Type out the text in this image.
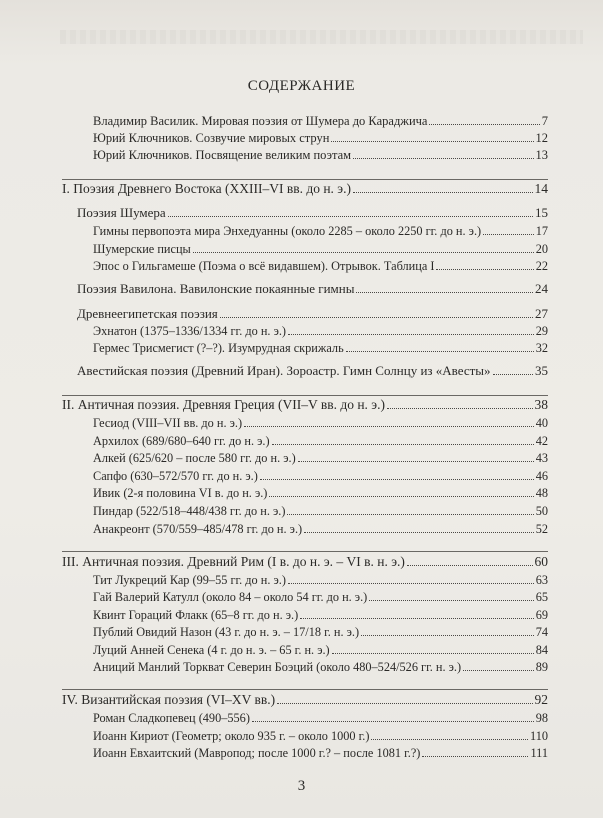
СОДЕРЖАНИЕ
Владимир Василик. Мировая поэзия от Шумера до Караджича	7
Юрий Ключников. Созвучие мировых струн	12
Юрий Ключников. Посвящение великим поэтам	13
I. Поэзия Древнего Востока (XXIII–VI вв. до н. э.)	14
Поэзия Шумера	15
Гимны первопоэта мира Энхедуанны (около 2285 – около 2250 гг. до н. э.)	17
Шумерские писцы	20
Эпос о Гильгамеше (Поэма о всё видавшем). Отрывок. Таблица I	22
Поэзия Вавилона. Вавилонские покаянные гимны	24
Древнеегипетская поэзия	27
Эхнатон (1375–1336/1334 гг. до н. э.)	29
Гермес Трисмегист (?–?). Изумрудная скрижаль	32
Авестийская поэзия (Древний Иран). Зороастр. Гимн Солнцу из «Авесты»	35
II. Античная поэзия. Древняя Греция (VII–V вв. до н. э.)	38
Гесиод (VIII–VII вв. до н. э.)	40
Архилох (689/680–640 гг. до н. э.)	42
Алкей (625/620 – после 580 гг. до н. э.)	43
Сапфо (630–572/570 гг. до н. э.)	46
Ивик (2-я половина VI в. до н. э.)	48
Пиндар (522/518–448/438 гг. до н. э.)	50
Анакреонт (570/559–485/478 гг. до н. э.)	52
III. Античная поэзия. Древний Рим (I в. до н. э. – VI в. н. э.)	60
Тит Лукреций Кар (99–55 гг. до н. э.)	63
Гай Валерий Катулл (около 84 – около 54 гг. до н. э.)	65
Квинт Гораций Флакк (65–8 гг. до н. э.)	69
Публий Овидий Назон (43 г. до н. э. – 17/18 г. н. э.)	74
Луций Анней Сенека (4 г. до н. э. – 65 г. н. э.)	84
Аниций Манлий Торкват Северин Боэций (около 480–524/526 гг. н. э.)	89
IV. Византийская поэзия (VI–XV вв.)	92
Роман Сладкопевец (490–556)	98
Иоанн Кириот (Геометр; около 935 г. – около 1000 г.)	110
Иоанн Евхаитский (Мавропод; после 1000 г.? – после 1081 г.?)	111
3
